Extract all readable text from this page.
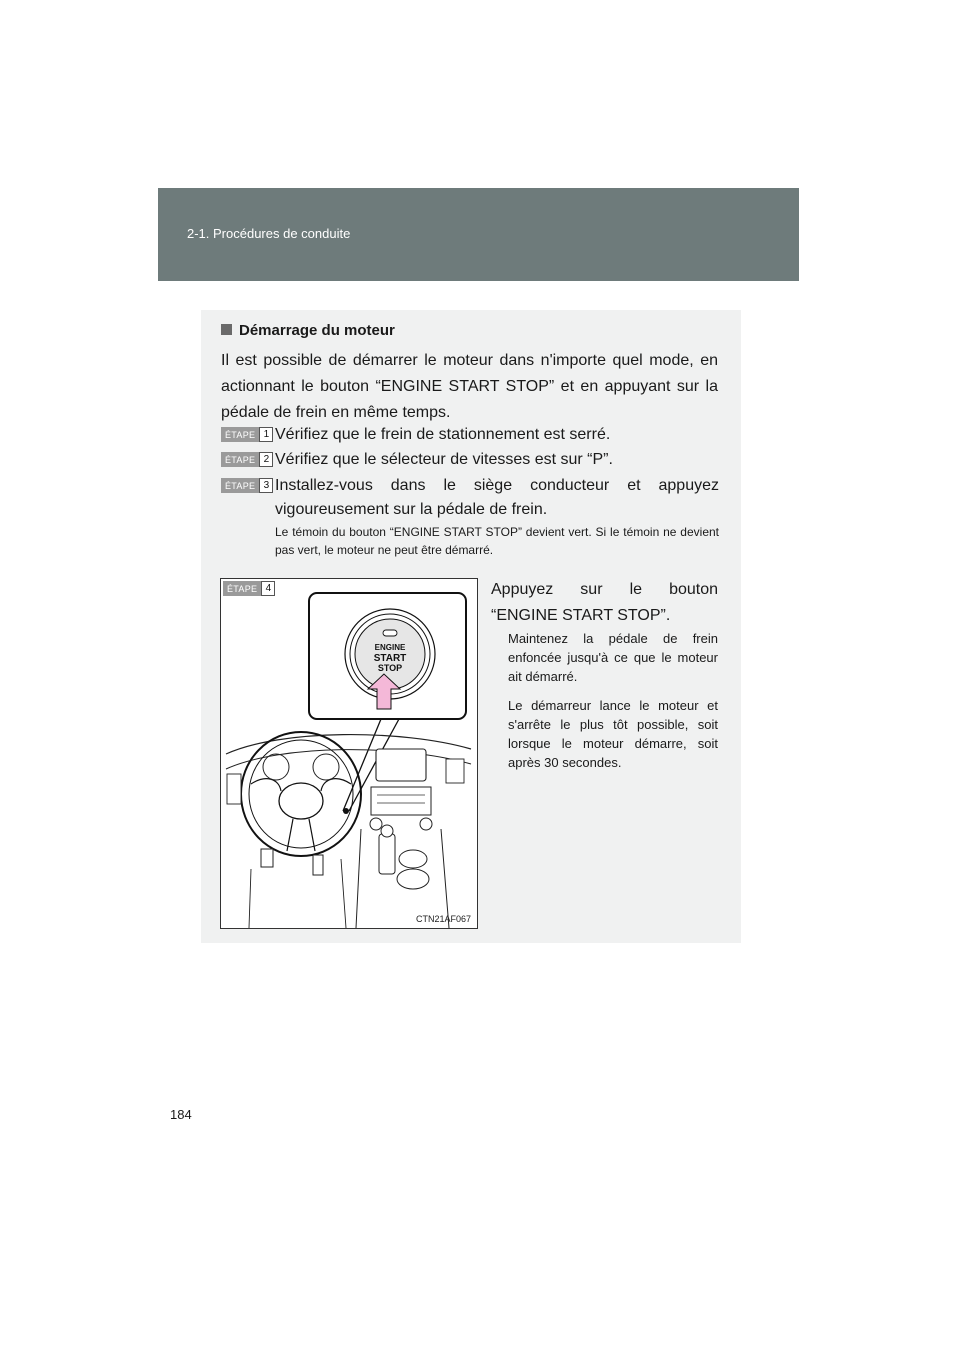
2-1. Procédures de conduite
Démarrage du moteur
Il est possible de démarrer le moteur dans n'importe quel mode, en actionnant le bouton “ENGINE START STOP” et en appuyant sur la pédale de frein en même temps.
ÉTAPE 1 Vérifiez que le frein de stationnement est serré.
ÉTAPE 2 Vérifiez que le sélecteur de vitesses est sur “P”.
ÉTAPE 3 Installez-vous dans le siège conducteur et appuyez vigoureusement sur la pédale de frein.
Le témoin du bouton “ENGINE START STOP” devient vert. Si le témoin ne devient pas vert, le moteur ne peut être démarré.
ÉTAPE 4
ENGINE
START
STOP
CTN21AF067
Appuyez sur le bouton “ENGINE START STOP”.
Maintenez la pédale de frein enfoncée jusqu'à ce que le moteur ait démarré.
Le démarreur lance le moteur et s'arrête le plus tôt possible, soit lorsque le moteur démarre, soit après 30 secondes.
184
